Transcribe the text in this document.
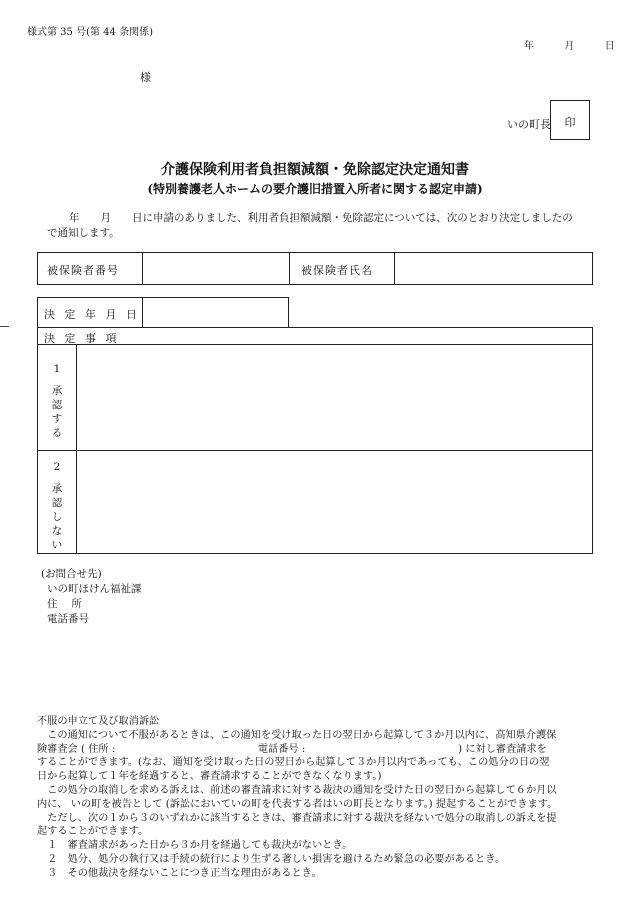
様式第 35 号(第 44 条関係)
年	月	日
様
いの町長	印
介護保険利用者負担額減額・免除認定決定通知書
(特別養護老人ホームの要介護旧措置入所者に関する認定申請)
年　　月　　日に申請のありました、利用者負担額減額・免除認定については、次のとおり決定しましたの
で通知します。
被保険者番号	被保険者氏名
決 定 年 月 日
決 定 事 項
1
承
認
す
る
2
承
認
し
な
い
(お問合せ先)
いの町ほけん福祉課
住　 所
電話番号
不服の申立て及び取消訴訟
　この通知について不服があるときは、この通知を受け取った日の翌日から起算して３か月以内に、高知県介護保
険審査会 ( 住所 :　　　　　　　　　　　　　　電話番号 :　　　　　　　　　　　　　　　) に対し審査請求を
することができます。(なお、通知を受け取った日の翌日から起算して３か月以内であっても、この処分の日の翌
日から起算して１年を経過すると、審査請求することができなくなります。)
　この処分の取消しを求める訴えは、前述の審査請求に対する裁決の通知を受けた日の翌日から起算して６か月以
内に、 いの町を被告として (訴訟においていの町を代表する者はいの町長となります。) 提起することができます。
　ただし、次の１から３のいずれかに該当するときは、審査請求に対する裁決を経ないで処分の取消しの訴えを提
起することができます。
　１　審査請求があった日から３か月を経過しても裁決がないとき。
　２　処分、処分の執行又は手続の続行により生ずる著しい損害を避けるため緊急の必要があるとき。
　３　その他裁決を経ないことにつき正当な理由があるとき。
